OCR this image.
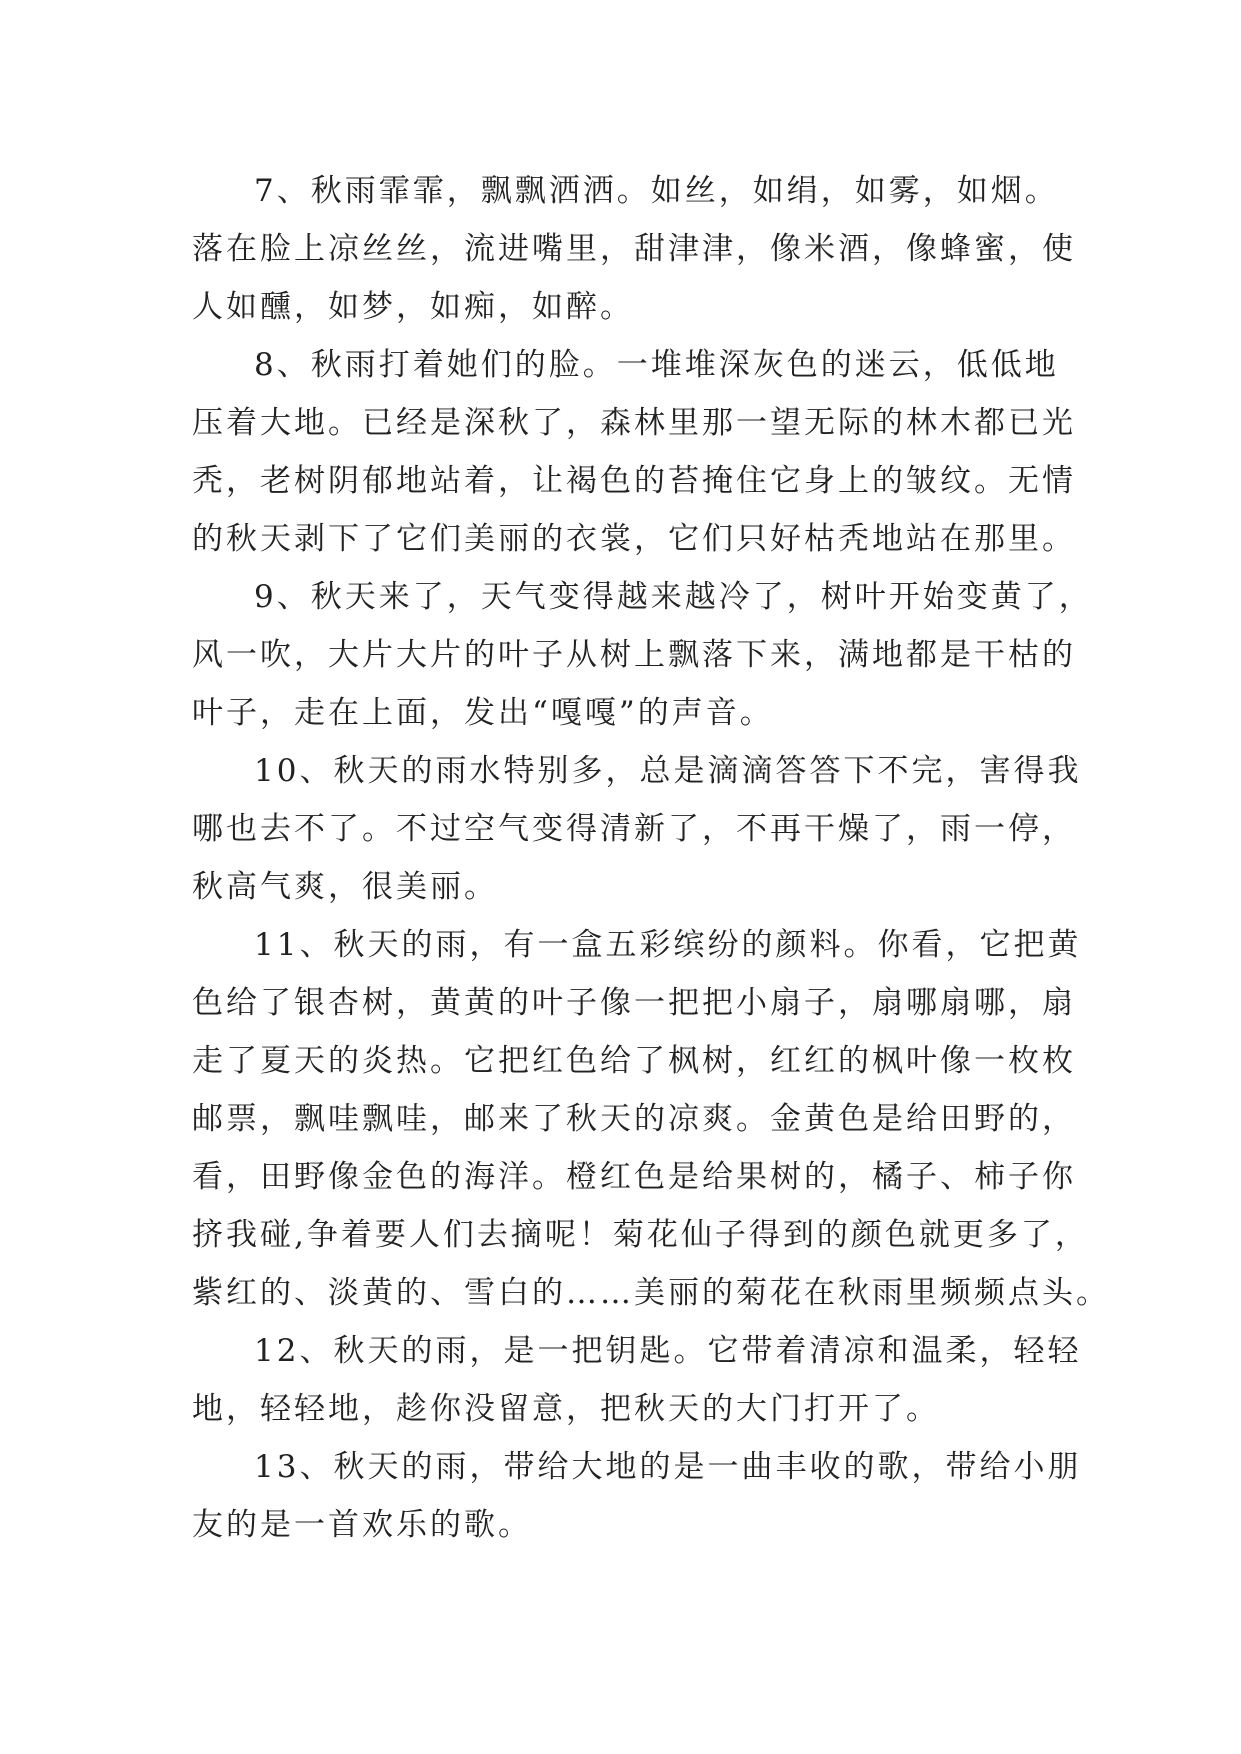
7、秋雨霏霏，飘飘洒洒。如丝，如绢，如雾，如烟。
落在脸上凉丝丝，流进嘴里，甜津津，像米酒，像蜂蜜，使
人如醺，如梦，如痴，如醉。
8、秋雨打着她们的脸。一堆堆深灰色的迷云，低低地
压着大地。已经是深秋了，森林里那一望无际的林木都已光
秃，老树阴郁地站着，让褐色的苔掩住它身上的皱纹。无情
的秋天剥下了它们美丽的衣裳，它们只好枯秃地站在那里。
9、秋天来了，天气变得越来越冷了，树叶开始变黄了，
风一吹，大片大片的叶子从树上飘落下来，满地都是干枯的
叶子，走在上面，发出“嘎嘎”的声音。
10、秋天的雨水特别多，总是滴滴答答下不完，害得我
哪也去不了。不过空气变得清新了，不再干燥了，雨一停，
秋高气爽，很美丽。
11、秋天的雨，有一盒五彩缤纷的颜料。你看，它把黄
色给了银杏树，黄黄的叶子像一把把小扇子，扇哪扇哪，扇
走了夏天的炎热。它把红色给了枫树，红红的枫叶像一枚枚
邮票，飘哇飘哇，邮来了秋天的凉爽。金黄色是给田野的，
看，田野像金色的海洋。橙红色是给果树的，橘子、柿子你
挤我碰,争着要人们去摘呢！菊花仙子得到的颜色就更多了，
紫红的、淡黄的、雪白的……美丽的菊花在秋雨里频频点头。
12、秋天的雨，是一把钥匙。它带着清凉和温柔，轻轻
地，轻轻地，趁你没留意，把秋天的大门打开了。
13、秋天的雨，带给大地的是一曲丰收的歌，带给小朋
友的是一首欢乐的歌。
